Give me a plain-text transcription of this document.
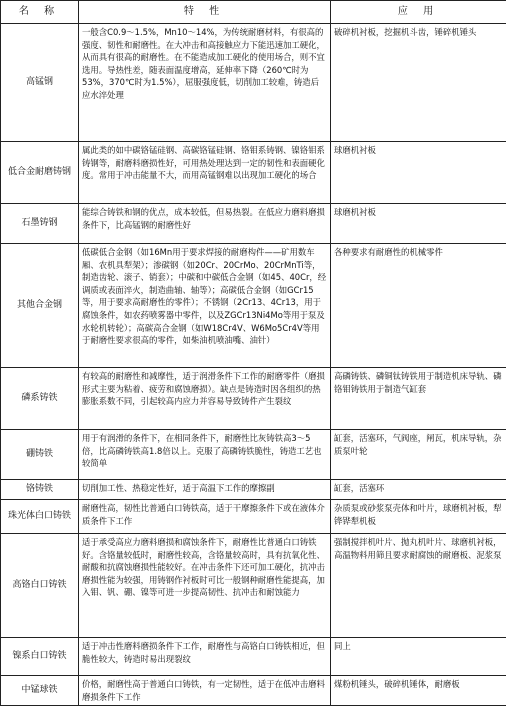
名 称	特 性	应 用
高锰钢	一般含C0.9～1.5%，Mn10～14%，为传统耐磨材料，有很高的强度、韧性和耐磨性。在大冲击和高接触应力下能迅速加工硬化，从而具有很高的耐磨性。在不能造成加工硬化的使用场合，则不宜选用。导热性差，随表面温度增高，延伸率下降（260℃时为53%，370℃时为1.5%），屈服强度低，切削加工较难，铸造后应水淬处理	破碎机衬板，挖掘机斗齿，锤碎机锤头
低合金耐磨铸钢	属此类的如中碳铬锰硅钢、高碳铬锰硅钢、铬钼系铸钢、镍铬钼系铸钢等，耐磨料磨损性好，可用热处理达到一定的韧性和表面硬化度。常用于冲击能量不大，而用高锰钢难以出现加工硬化的场合	球磨机衬板
石墨铸钢	能综合铸铁和钢的优点，成本较低，但易热裂。在低应力磨料磨损条件下，比高锰钢的耐磨性好	球磨机衬板
其他合金钢	低碳低合金钢（如16Mn用于要求焊接的耐磨构件——矿用数车厢、农机具犁架）；渗碳钢（如20Cr、20CrMo、20CrMnTi等，制造齿轮、滚子、销套）；中碳和中碳低合金钢（如45、40Cr，经调质或表面淬火，制造曲轴、轴等）；高碳低合金钢（如GCr15等，用于要求高耐磨性的零件）；不锈钢（2Cr13、4Cr13，用于腐蚀条件，如农药喷雾器中零件，以及ZGCr13Ni4Mo等用于泵及水轮机转轮）；高碳高合金钢（如W18Cr4V、W6Mo5Cr4V等用于耐磨性要求很高的零件，如柴油机喷油嘴、油针）	各种要求有耐磨性的机械零件
磷系铸铁	有较高的耐磨性和减摩性，适于润滑条件下工作的耐磨零件（磨损形式主要为粘着、疲劳和腐蚀磨损）。缺点是铸造时因各组织的热膨胀系数不同，引起较高内应力并容易导致铸件产生裂纹	高磷铸铁、磷铜钛铸铁用于制造机床导轨、磷铬钼铸铁用于制造气缸套
硼铸铁	用于有润滑的条件下，在相同条件下，耐磨性比灰铸铁高3～5倍，比高磷铸铁高1.8倍以上。克服了高磷铸铁脆性，铸造工艺也较简单	缸套，活塞环，气阀座，闸瓦，机床导轨，杂质泵叶轮
铬铸铁	切削加工性、热稳定性好，适于高温下工作的摩擦副	缸套，活塞环
珠光体白口铸铁	耐磨性高，韧性比普通白口铸铁高，适于干摩擦条件下或在液体介质条件下工作	杂质泵或砂浆泵壳体和叶片，球磨机衬板，犁铧铧犁机板
高铬白口铸铁	适于承受高应力磨料磨损和腐蚀条件下，耐磨性比普通白口铸铁好。含铬量较低时，耐磨性较高，含铬量较高时，具有抗氧化性、耐酸和抗腐蚀磨损性能较好。在冲击条件下还可加工硬化，抗冲击磨损性能为较强，用铸钢作衬板时可比一般钢种耐磨性能提高，加入钼、钒、硼、镍等可进一步提高韧性、抗冲击和耐蚀能力	强制搅拌机叶片、抛丸机叶片、球磨机衬板，高温物料用筛且要求耐腐蚀的耐磨板、泥浆泵
镍系白口铸铁	适于冲击性磨料磨损条件下工作，耐磨性与高铬白口铸铁相近，但脆性较大，铸造时易出现裂纹	同上
中锰球铁	价格，耐磨性高于普通白口铸铁，有一定韧性，适于在低冲击磨料磨损条件下工作	煤粉机锤头，破碎机锤体，耐磨板
